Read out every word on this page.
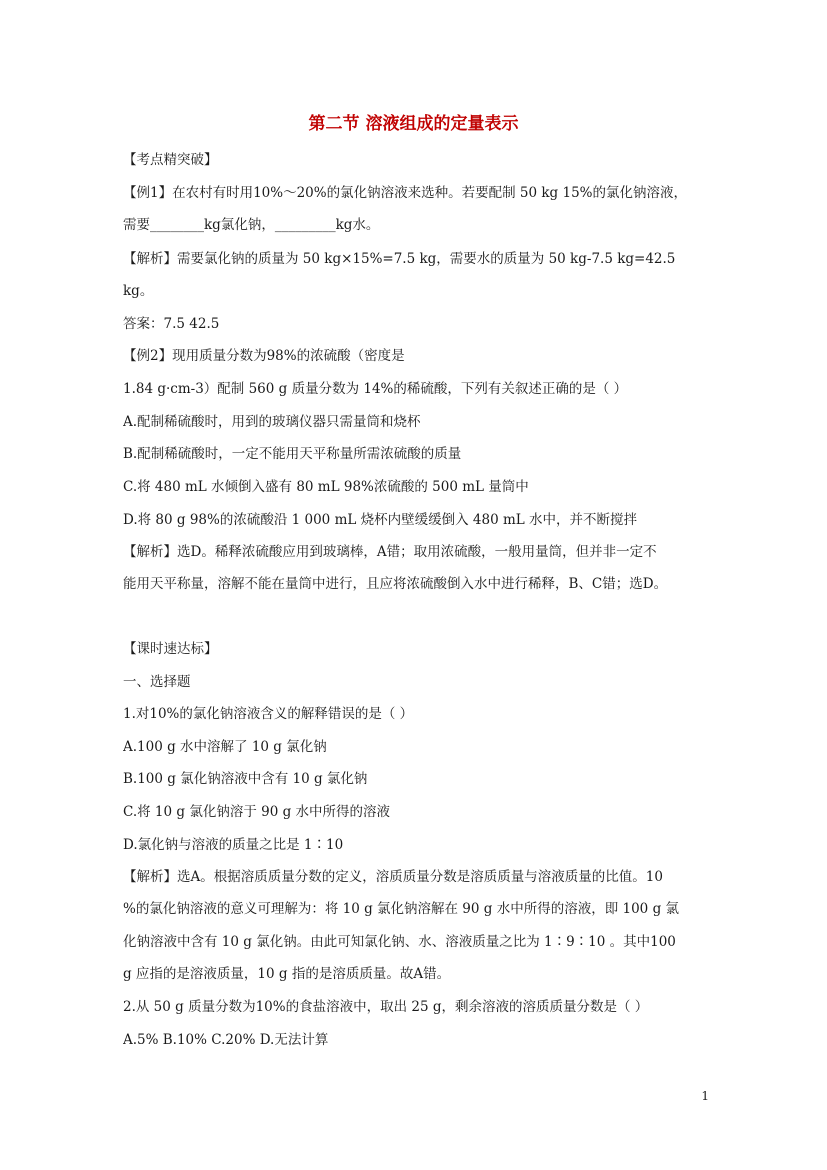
第二节 溶液组成的定量表示
【考点精突破】
【例1】在农村有时用10%～20%的氯化钠溶液来选种。若要配制 50 kg 15%的氯化钠溶液，
需要________kg氯化钠，_________kg水。
【解析】需要氯化钠的质量为 50 kg×15%=7.5 kg，需要水的质量为 50 kg-7.5 kg=42.5
kg。
答案：7.5 42.5
【例2】现用质量分数为98%的浓硫酸（密度是
1.84 g·cm-3）配制 560 g 质量分数为 14%的稀硫酸，下列有关叙述正确的是（ ）
A.配制稀硫酸时，用到的玻璃仪器只需量筒和烧杯
B.配制稀硫酸时，一定不能用天平称量所需浓硫酸的质量
C.将 480 mL 水倾倒入盛有 80 mL 98%浓硫酸的 500 mL 量筒中
D.将 80 g 98%的浓硫酸沿 1 000 mL 烧杯内壁缓缓倒入 480 mL 水中，并不断搅拌
【解析】选D。稀释浓硫酸应用到玻璃棒，A错；取用浓硫酸，一般用量筒，但并非一定不
能用天平称量，溶解不能在量筒中进行，且应将浓硫酸倒入水中进行稀释，B、C错；选D。
【课时速达标】
一、选择题
1.对10%的氯化钠溶液含义的解释错误的是（ ）
A.100 g 水中溶解了 10 g 氯化钠
B.100 g 氯化钠溶液中含有 10 g 氯化钠
C.将 10 g 氯化钠溶于 90 g 水中所得的溶液
D.氯化钠与溶液的质量之比是 1∶10
【解析】选A。根据溶质质量分数的定义，溶质质量分数是溶质质量与溶液质量的比值。10
%的氯化钠溶液的意义可理解为：将 10 g 氯化钠溶解在 90 g 水中所得的溶液，即 100 g 氯
化钠溶液中含有 10 g 氯化钠。由此可知氯化钠、水、溶液质量之比为 1∶9∶10 。其中100
g 应指的是溶液质量，10 g 指的是溶质质量。故A错。
2.从 50 g 质量分数为10%的食盐溶液中，取出 25 g，剩余溶液的溶质质量分数是（ ）
A.5% B.10% C.20% D.无法计算
1
